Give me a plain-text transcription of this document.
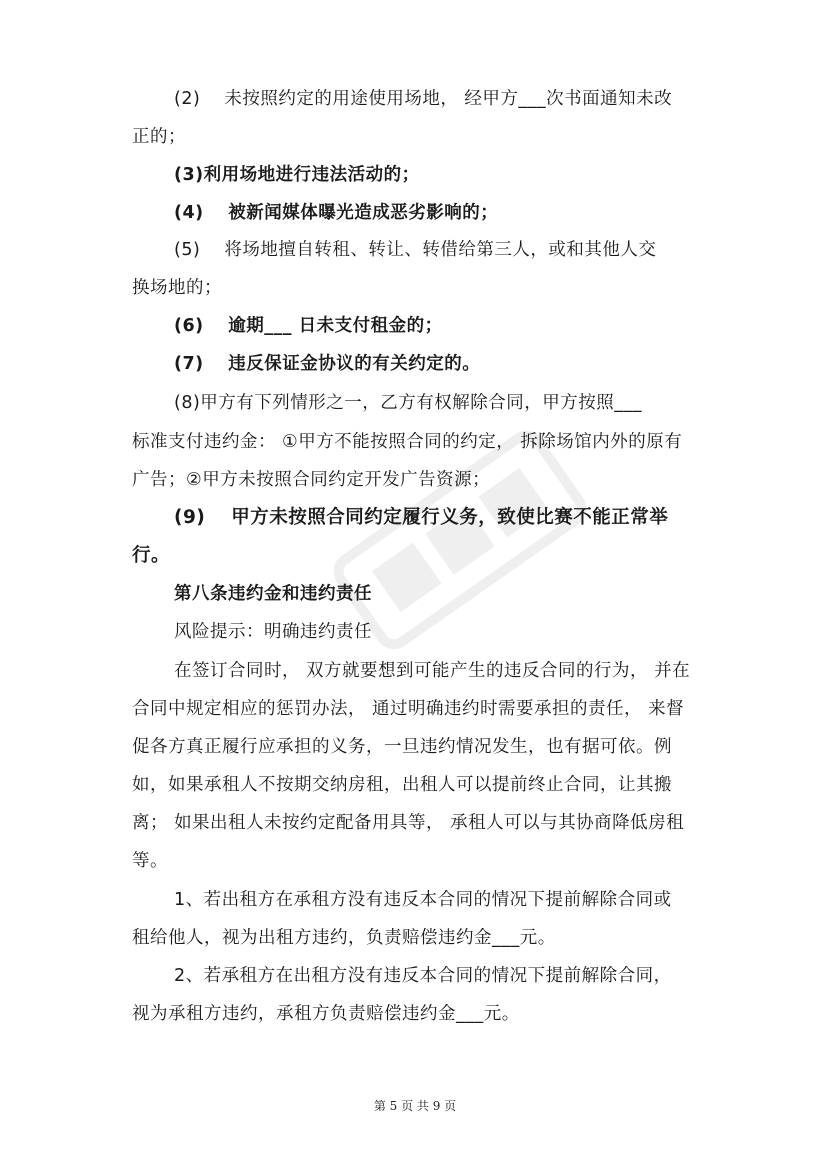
(2)　 未按照约定的用途使用场地， 经甲方___次书面通知未改
正的；
(3)利用场地进行违法活动的；
(4)　 被新闻媒体曝光造成恶劣影响的；
(5)　 将场地擅自转租、转让、转借给第三人，或和其他人交
换场地的；
(6)　 逾期___ 日未支付租金的；
(7)　 违反保证金协议的有关约定的。
(8)甲方有下列情形之一，乙方有权解除合同，甲方按照___
标准支付违约金： ①甲方不能按照合同的约定， 拆除场馆内外的原有
广告；②甲方未按照合同约定开发广告资源；
(9)　 甲方未按照合同约定履行义务，致使比赛不能正常举
行。
第八条违约金和违约责任
风险提示：明确违约责任
在签订合同时， 双方就要想到可能产生的违反合同的行为， 并在
合同中规定相应的惩罚办法， 通过明确违约时需要承担的责任， 来督
促各方真正履行应承担的义务，一旦违约情况发生，也有据可依。例
如，如果承租人不按期交纳房租，出租人可以提前终止合同，让其搬
离； 如果出租人未按约定配备用具等， 承租人可以与其协商降低房租
等。
1、若出租方在承租方没有违反本合同的情况下提前解除合同或
租给他人，视为出租方违约，负责赔偿违约金___元。
2、若承租方在出租方没有违反本合同的情况下提前解除合同，
视为承租方违约，承租方负责赔偿违约金___元。
第 5 页 共 9 页
